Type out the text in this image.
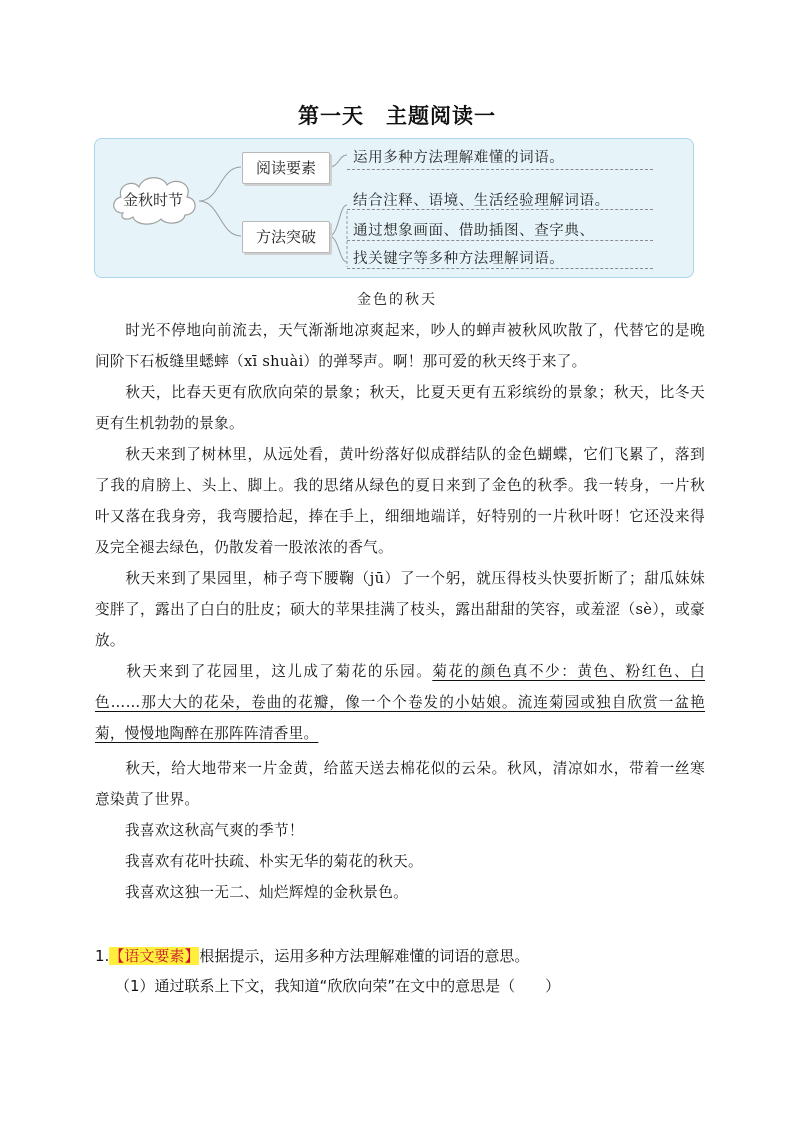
第一天 主题阅读一
金秋时节
阅读要素
方法突破
运用多种方法理解难懂的词语。
结合注释、语境、生活经验理解词语。
通过想象画面、借助插图、查字典、
找关键字等多种方法理解词语。
金色的秋天
时光不停地向前流去，天气渐渐地凉爽起来，吵人的蝉声被秋风吹散了，代替它的是晚间阶下石板缝里蟋蟀（xī shuài）的弹琴声。啊！那可爱的秋天终于来了。
秋天，比春天更有欣欣向荣的景象；秋天，比夏天更有五彩缤纷的景象；秋天，比冬天更有生机勃勃的景象。
秋天来到了树林里，从远处看，黄叶纷落好似成群结队的金色蝴蝶，它们飞累了，落到了我的肩膀上、头上、脚上。我的思绪从绿色的夏日来到了金色的秋季。我一转身，一片秋叶又落在我身旁，我弯腰拾起，捧在手上，细细地端详，好特别的一片秋叶呀！它还没来得及完全褪去绿色，仍散发着一股浓浓的香气。
秋天来到了果园里，柿子弯下腰鞠（jū）了一个躬，就压得枝头快要折断了；甜瓜妹妹变胖了，露出了白白的肚皮；硕大的苹果挂满了枝头，露出甜甜的笑容，或羞涩（sè），或豪放。
秋天来到了花园里，这儿成了菊花的乐园。菊花的颜色真不少：黄色、粉红色、白色……那大大的花朵，卷曲的花瓣，像一个个卷发的小姑娘。流连菊园或独自欣赏一盆艳菊，慢慢地陶醉在那阵阵清香里。
秋天，给大地带来一片金黄，给蓝天送去棉花似的云朵。秋风，清凉如水，带着一丝寒意染黄了世界。
我喜欢这秋高气爽的季节！
我喜欢有花叶扶疏、朴实无华的菊花的秋天。
我喜欢这独一无二、灿烂辉煌的金秋景色。
1.【语文要素】根据提示，运用多种方法理解难懂的词语的意思。
（1）通过联系上下文，我知道“欣欣向荣”在文中的意思是（　　）
